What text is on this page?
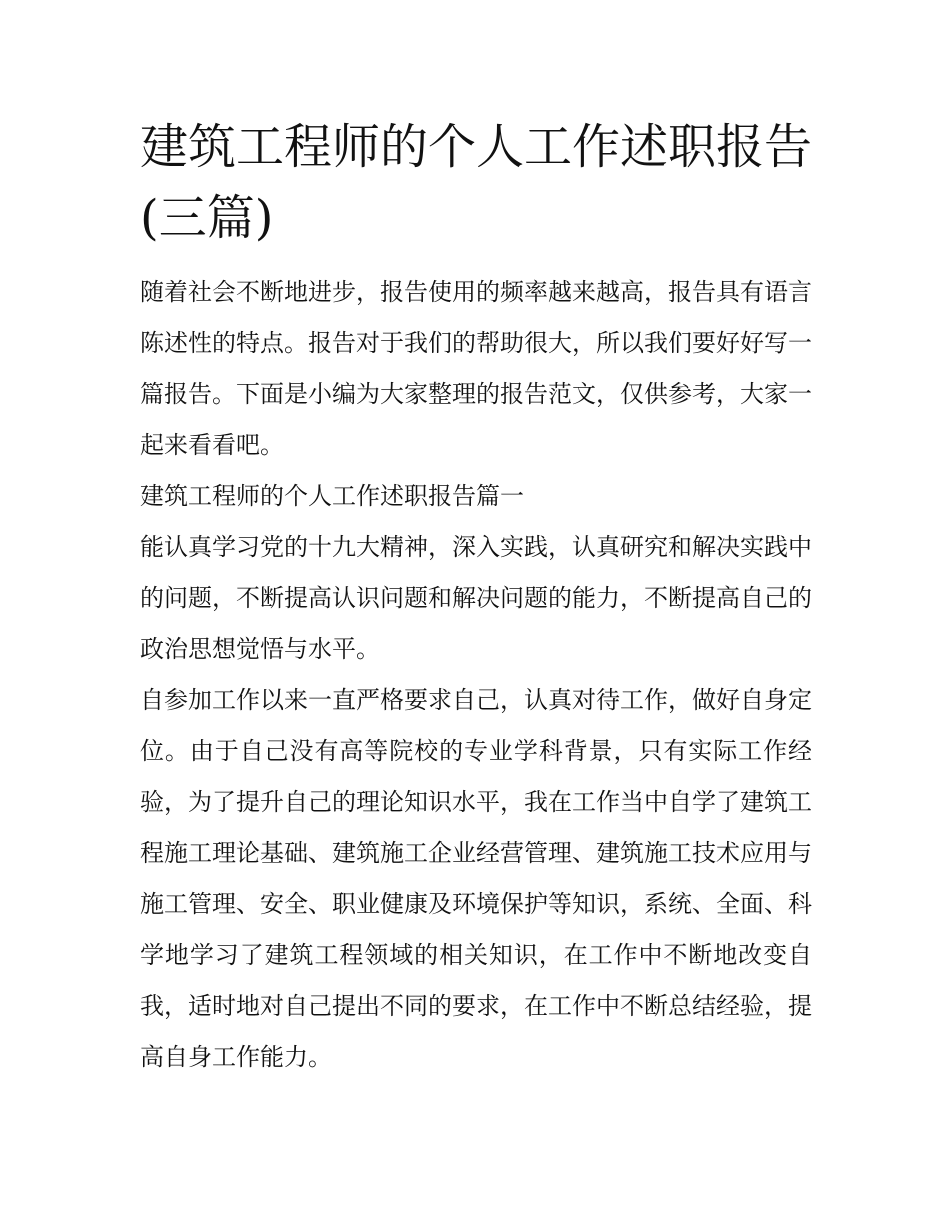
建筑工程师的个人工作述职报告(三篇)

随着社会不断地进步，报告使用的频率越来越高，报告具有语言陈述性的特点。报告对于我们的帮助很大，所以我们要好好写一篇报告。下面是小编为大家整理的报告范文，仅供参考，大家一起来看看吧。

建筑工程师的个人工作述职报告篇一

能认真学习党的十九大精神，深入实践，认真研究和解决实践中的问题，不断提高认识问题和解决问题的能力，不断提高自己的政治思想觉悟与水平。

自参加工作以来一直严格要求自己，认真对待工作，做好自身定位。由于自己没有高等院校的专业学科背景，只有实际工作经验，为了提升自己的理论知识水平，我在工作当中自学了建筑工程施工理论基础、建筑施工企业经营管理、建筑施工技术应用与施工管理、安全、职业健康及环境保护等知识，系统、全面、科学地学习了建筑工程领域的相关知识，在工作中不断地改变自我，适时地对自己提出不同的要求，在工作中不断总结经验，提高自身工作能力。
